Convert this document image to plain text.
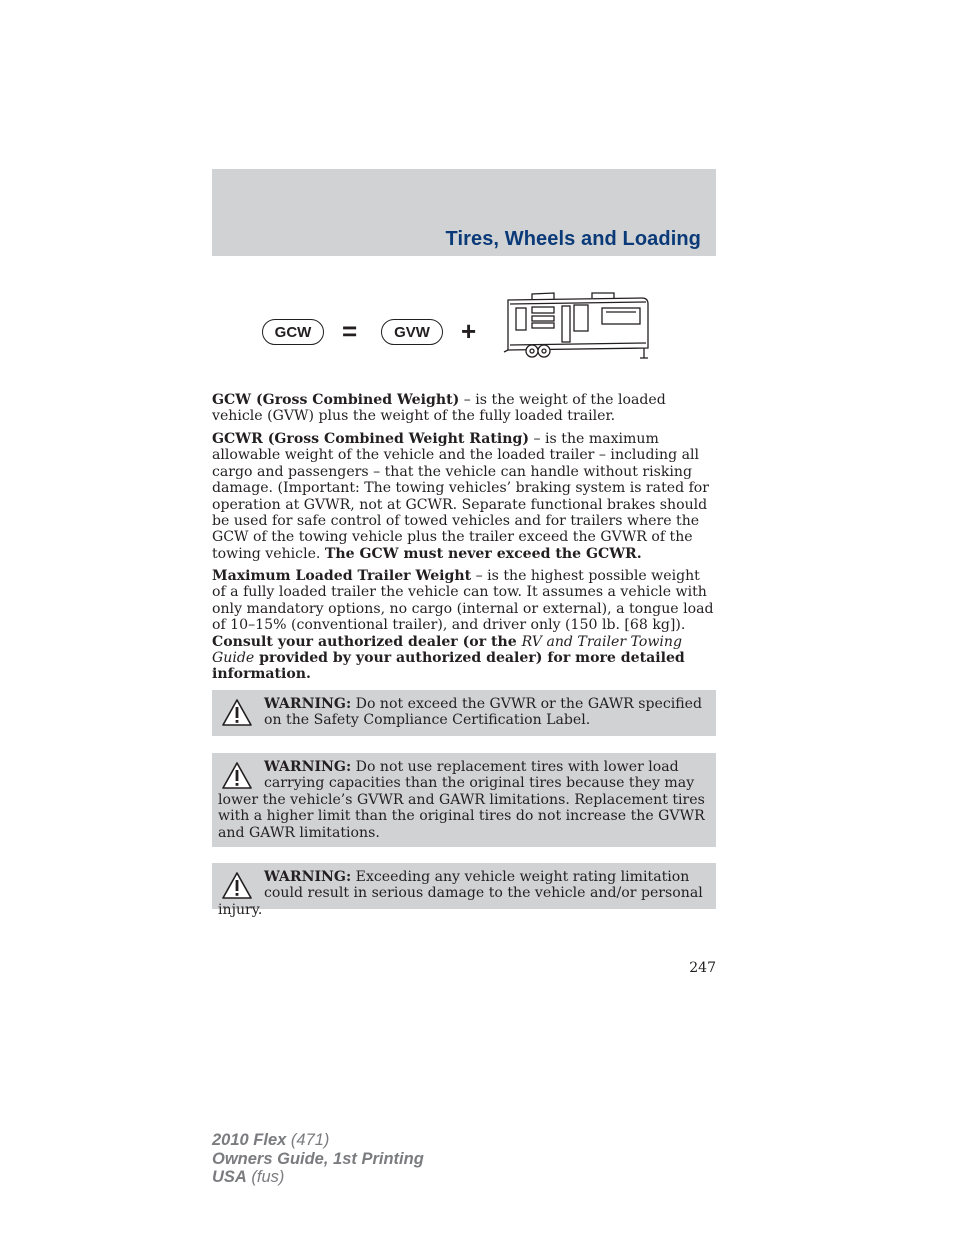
Tires, Wheels and Loading
GCW	=	GVW	+

GCW (Gross Combined Weight) – is the weight of the loaded vehicle (GVW) plus the weight of the fully loaded trailer.

GCWR (Gross Combined Weight Rating) – is the maximum allowable weight of the vehicle and the loaded trailer – including all cargo and passengers – that the vehicle can handle without risking damage. (Important: The towing vehicles’ braking system is rated for operation at GVWR, not at GCWR. Separate functional brakes should be used for safe control of towed vehicles and for trailers where the GCW of the towing vehicle plus the trailer exceed the GVWR of the towing vehicle. The GCW must never exceed the GCWR.

Maximum Loaded Trailer Weight – is the highest possible weight of a fully loaded trailer the vehicle can tow. It assumes a vehicle with only mandatory options, no cargo (internal or external), a tongue load of 10–15% (conventional trailer), and driver only (150 lb. [68 kg]). Consult your authorized dealer (or the RV and Trailer Towing Guide provided by your authorized dealer) for more detailed information.

WARNING: Do not exceed the GVWR or the GAWR specified on the Safety Compliance Certification Label.
WARNING: Do not use replacement tires with lower load carrying capacities than the original tires because they may lower the vehicle’s GVWR and GAWR limitations. Replacement tires with a higher limit than the original tires do not increase the GVWR and GAWR limitations.
WARNING: Exceeding any vehicle weight rating limitation could result in serious damage to the vehicle and/or personal injury.
247
2010 Flex (471)
Owners Guide, 1st Printing
USA (fus)
